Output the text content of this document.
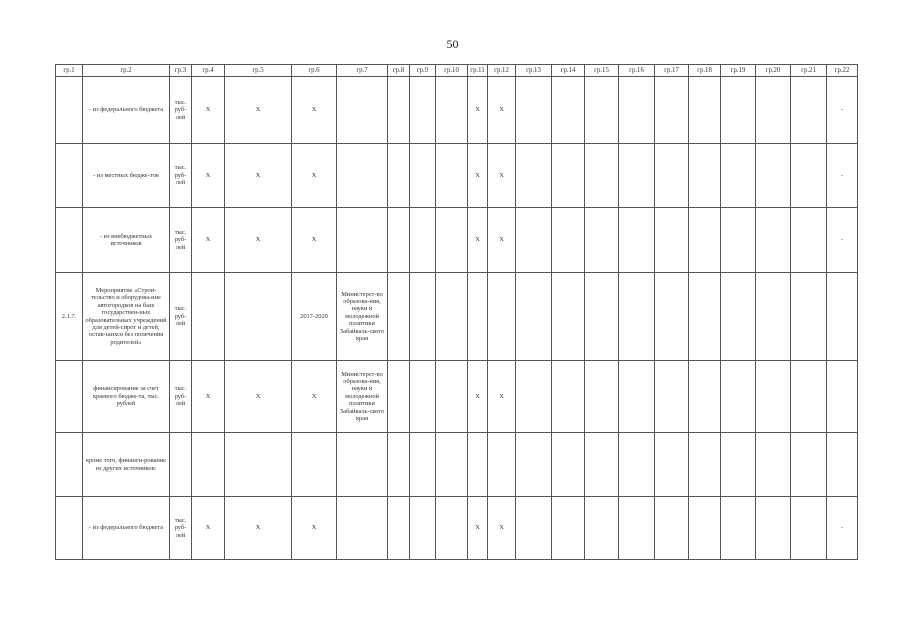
50
гр.1	гр.2	гр.3	гр.4	гр.5	гр.6	гр.7	гр.8	гр.9	гр.10	гр.11	гр.12	гр.13	гр.14	гр.15	гр.16	гр.17	гр.18	гр.19	гр.20	гр.21	гр.22
	- из федерального бюджета	тыс. руб-лей	X	X	X					X	X										-
	- из местных бюдже-тов	тыс. руб-лей	X	X	X					X	X										-
	- из внебюджетных источников	тыс. руб-лей	X	X	X					X	X										-
2.1.7.	Мероприятие «Строи-тельство и оборудова-ние автогородков на базе государствен-ных образовательных учреждений для детей-сирот и детей, остав-шихся без попечения родителей»	тыс. руб-лей			2017-2020	Министерст-во образова-ния, науки и молодежной политики Забайкаль-ского края															
	финансирование за счет краевого бюдже-та, тыс. рублей	тыс. руб-лей	X	X	X	Министерст-во образова-ния, науки и молодежной политики Забайкаль-ского края				X	X										
	кроме того, финанси-рование из других источников:																				
	- из федерального бюджета	тыс. руб-лей	X	X	X					X	X										-
